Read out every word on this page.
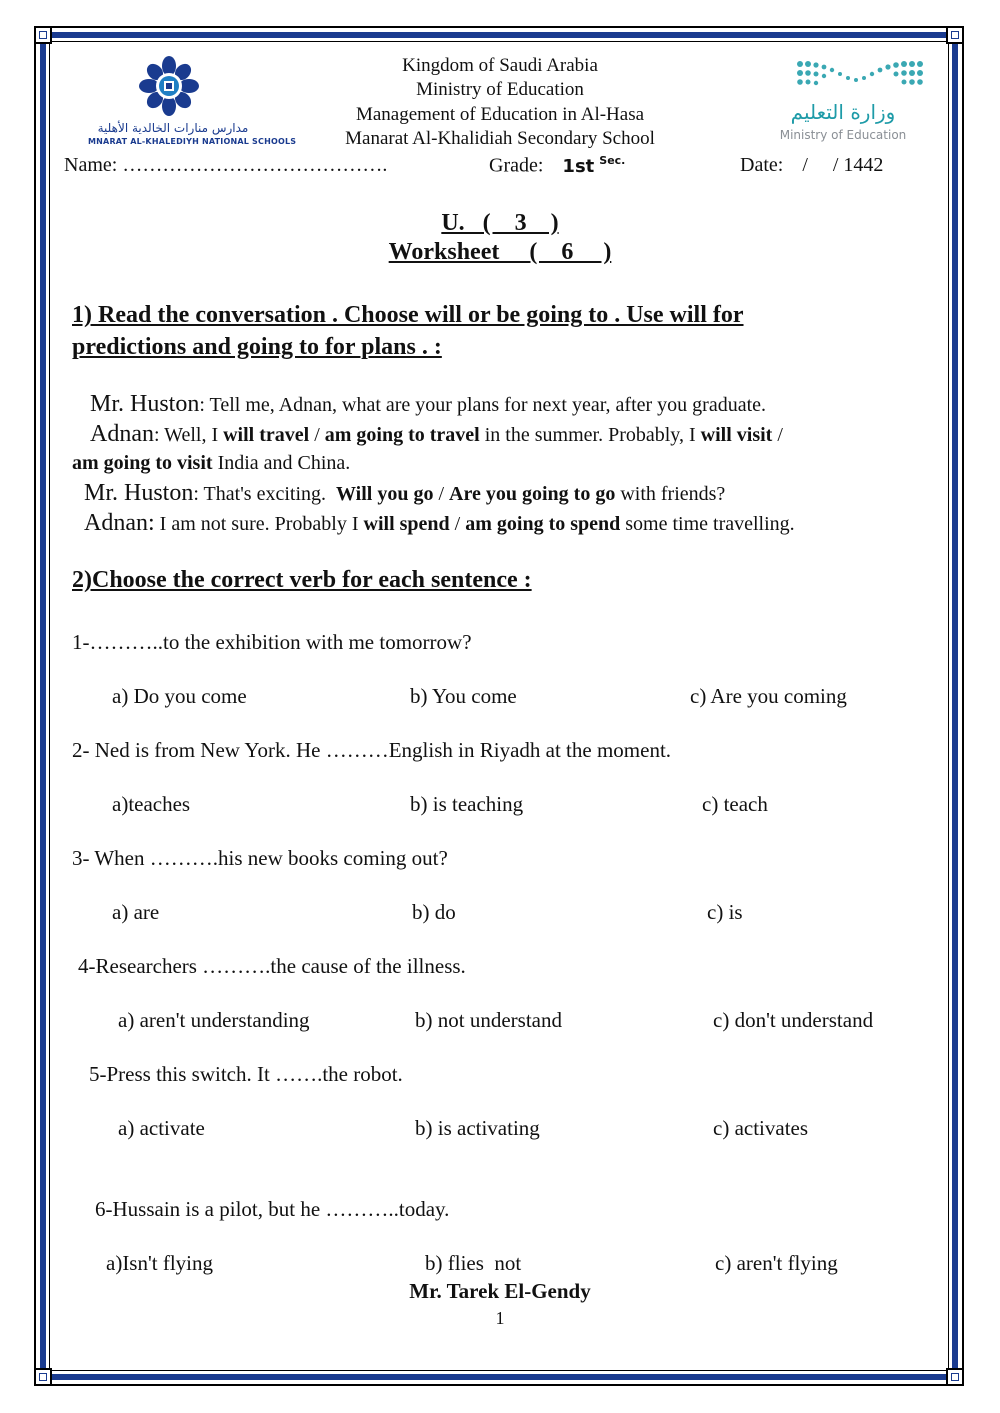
مدارس منارات الخالدية الأهلية
MNARAT AL-KHALEDIYH NATIONAL SCHOOLS
وزارة التعليم
Ministry of Education
Kingdom of Saudi Arabia
Ministry of Education
Management of Education in Al-Hasa
Manarat Al-Khalidiah Secondary School
Name: ………………………………….	Grade: 1st $^{Sec.}$	Date: /     / 1442
U.   (    3    )
Worksheet     (    6     )
1) Read the conversation . Choose will or be going to . Use will for
predictions and going to for plans . :
Mr. Huston: Tell me, Adnan, what are your plans for next year, after you graduate.
Adnan: Well, I will travel / am going to travel in the summer. Probably, I will visit /
am going to visit India and China.
Mr. Huston: That's exciting.  Will you go / Are you going to go with friends?
Adnan: I am not sure. Probably I will spend / am going to spend some time travelling.
2)Choose the correct verb for each sentence :
1-………..to the exhibition with me tomorrow?
a) Do you come	b) You come	c) Are you coming
2- Ned is from New York. He ………English in Riyadh at the moment.
a)teaches	b) is teaching	c) teach
3- When ……….his new books coming out?
a) are	b) do	c) is
4-Researchers ……….the cause of the illness.
a) aren't understanding	b) not understand	c) don't understand
5-Press this switch. It …….the robot.
a) activate	b) is activating	c) activates
6-Hussain is a pilot, but he ………..today.
a)Isn't flying	b) flies  not	c) aren't flying
Mr. Tarek El-Gendy
1
